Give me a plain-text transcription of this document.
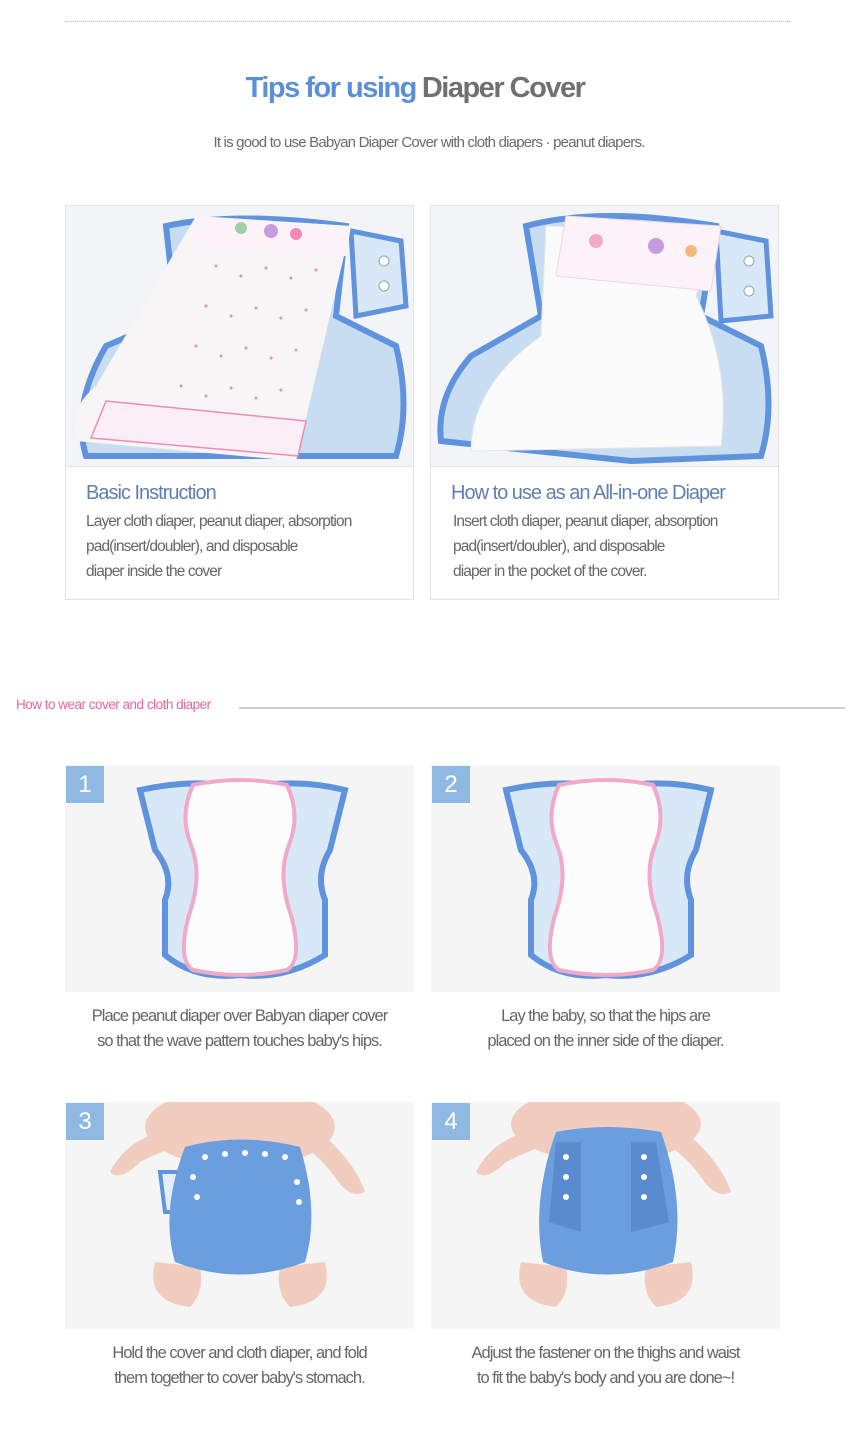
Tips for using Diaper Cover

It is good to use Babyan Diaper Cover with cloth diapers · peanut diapers.

Basic Instruction
Layer cloth diaper, peanut diaper, absorption
pad(insert/doubler), and disposable
diaper inside the cover
How to use as an All-in-one Diaper
Insert cloth diaper, peanut diaper, absorption
pad(insert/doubler), and disposable
diaper in the pocket of the cover.
How to wear cover and cloth diaper
1
Place peanut diaper over Babyan diaper cover
so that the wave pattern touches baby's hips.
2
Lay the baby, so that the hips are
placed on the inner side of the diaper.
3
Hold the cover and cloth diaper, and fold
them together to cover baby's stomach.
4
Adjust the fastener on the thighs and waist
to fit the baby's body and you are done~!
